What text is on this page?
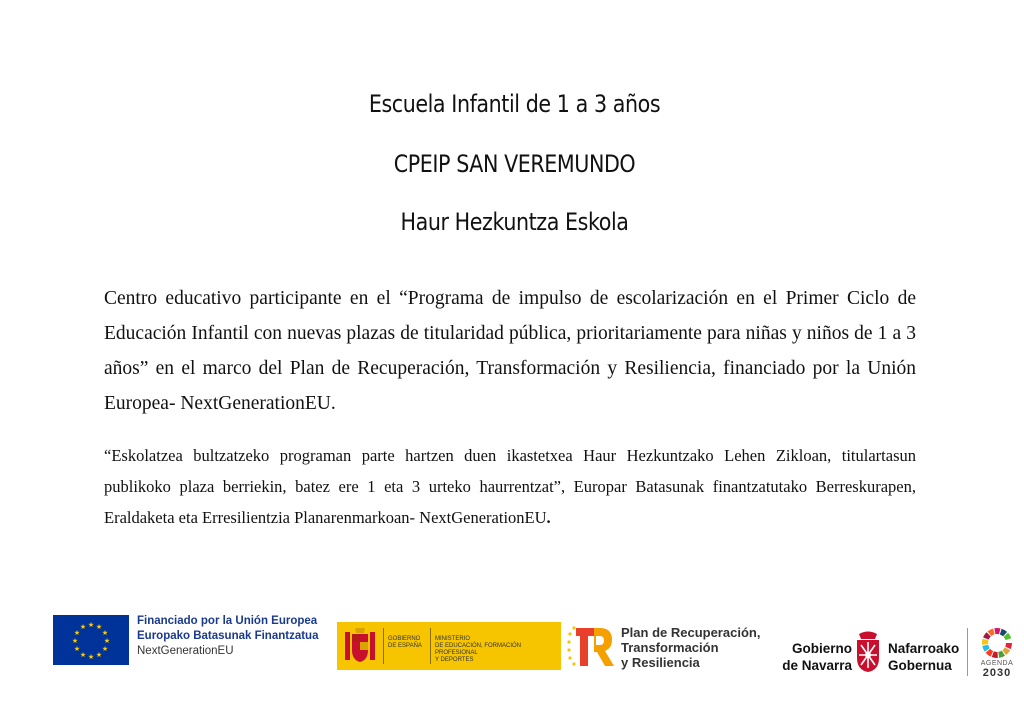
Escuela Infantil de 1 a 3 años
CPEIP SAN VEREMUNDO
Haur Hezkuntza Eskola
Centro educativo participante en el “Programa de impulso de escolarización en el Primer Ciclo de Educación Infantil con nuevas plazas de titularidad pública, prioritariamente para niñas y niños de 1 a 3 años” en el marco del Plan de Recuperación, Transformación y Resiliencia, financiado por la Unión Europea- NextGenerationEU.
“Eskolatzea bultzatzeko programan parte hartzen duen ikastetxea Haur Hezkuntzako Lehen Zikloan, titulartasun publikoko plaza berriekin, batez ere 1 eta 3 urteko haurrentzat”, Europar Batasunak finantzatutako Berreskurapen, Eraldaketa eta Erresilientzia Planarenmarkoan- NextGenerationEU.
★ ★
★
★
★
★
★
★
★
★
★
★	Financiado por la Unión Europea
Europako Batasunak Finantzatua
NextGenerationEU
GOBIERNO
DE ESPAÑA
MINISTERIO
DE EDUCACIÓN, FORMACIÓN PROFESIONAL
Y DEPORTES
Plan de Recuperación,
Transformación
y Resiliencia
Gobierno
de Navarra
Nafarroako
Gobernua	AGENDA
2030
